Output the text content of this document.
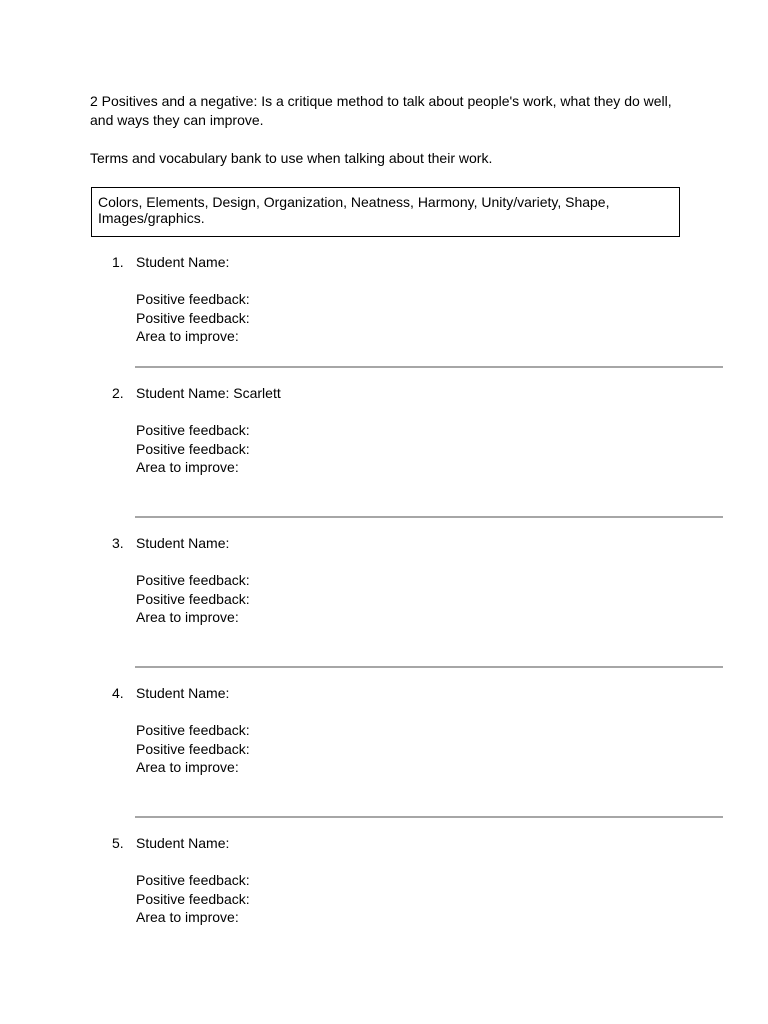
2 Positives and a negative: Is a critique method to talk about people's work, what they do well, and ways they can improve.

Terms and vocabulary bank to use when talking about their work.

Colors, Elements, Design, Organization, Neatness, Harmony, Unity/variety, Shape, Images/graphics.
1. Student Name:
Positive feedback:
Positive feedback:
Area to improve:
2. Student Name: Scarlett
Positive feedback:
Positive feedback:
Area to improve:
3. Student Name:
Positive feedback:
Positive feedback:
Area to improve:
4. Student Name:
Positive feedback:
Positive feedback:
Area to improve:
5. Student Name:
Positive feedback:
Positive feedback:
Area to improve:
